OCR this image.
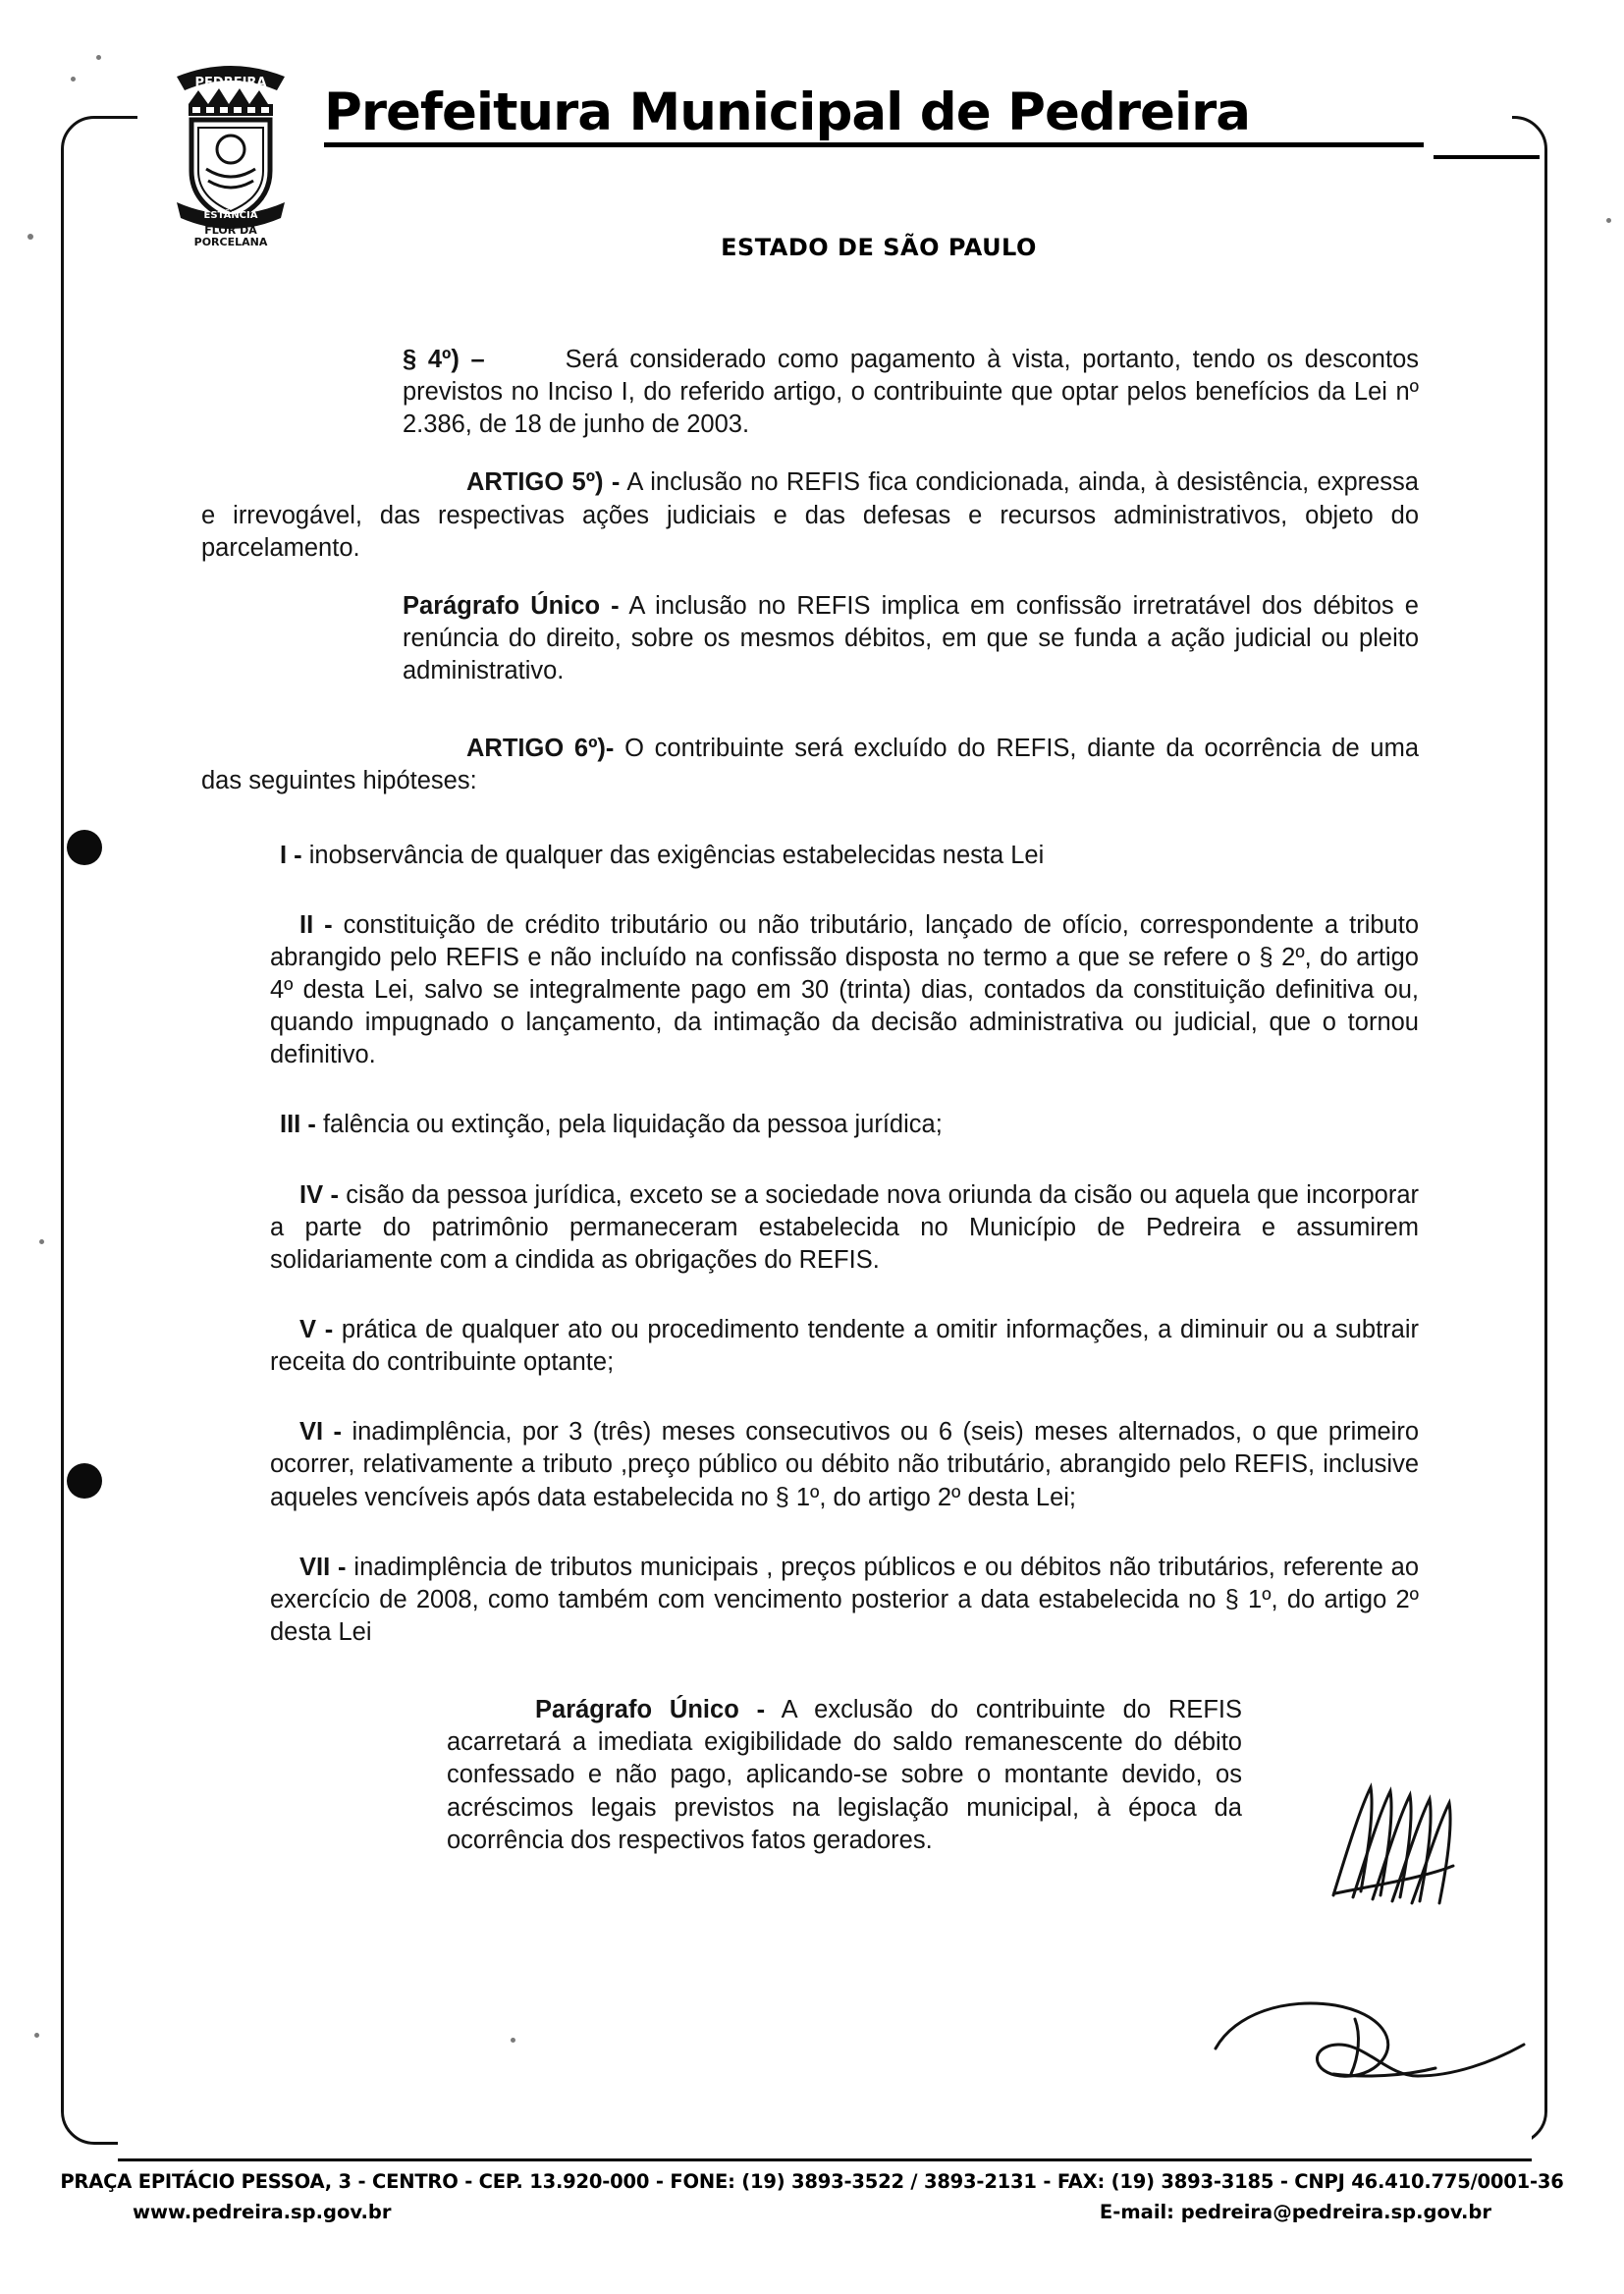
PEDREIRA
ESTÂNCIA
FLOR DA
PORCELANA
Prefeitura Municipal de Pedreira
ESTADO DE SÃO PAULO

§ 4º) –	Será considerado como pagamento à vista, portanto, tendo os descontos previstos no Inciso I, do referido artigo, o contribuinte que optar pelos benefícios da Lei nº 2.386, de 18 de junho de 2003.

ARTIGO 5º) - A inclusão no REFIS fica condicionada, ainda, à desistência, expressa e irrevogável, das respectivas ações judiciais e das defesas e recursos administrativos, objeto do parcelamento.

Parágrafo Único - A inclusão no REFIS implica em confissão irretratável dos débitos e renúncia do direito, sobre os mesmos débitos, em que se funda a ação judicial ou pleito administrativo.

ARTIGO 6º)- O contribuinte será excluído do REFIS, diante da ocorrência de uma das seguintes hipóteses:

I - inobservância de qualquer das exigências estabelecidas nesta Lei

II - constituição de crédito tributário ou não tributário, lançado de ofício, correspondente a tributo abrangido pelo REFIS e não incluído na confissão disposta no termo a que se refere o § 2º, do artigo 4º desta Lei, salvo se integralmente pago em 30 (trinta) dias, contados da constituição definitiva ou, quando impugnado o lançamento, da intimação da decisão administrativa ou judicial, que o tornou definitivo.

III - falência ou extinção, pela liquidação da pessoa jurídica;

IV - cisão da pessoa jurídica, exceto se a sociedade nova oriunda da cisão ou aquela que incorporar a parte do patrimônio permaneceram estabelecida no Município de Pedreira e assumirem solidariamente com a cindida as obrigações do REFIS.

V - prática de qualquer ato ou procedimento tendente a omitir informações, a diminuir ou a subtrair receita do contribuinte optante;

VI - inadimplência, por 3 (três) meses consecutivos ou 6 (seis) meses alternados, o que primeiro ocorrer, relativamente a tributo ,preço público ou débito não tributário, abrangido pelo REFIS, inclusive aqueles vencíveis após data estabelecida no § 1º, do artigo 2º desta Lei;

VII - inadimplência de tributos municipais , preços públicos e ou débitos não tributários, referente ao exercício de 2008, como também com vencimento posterior a data estabelecida no § 1º, do artigo 2º desta Lei

Parágrafo Único - A exclusão do contribuinte do REFIS acarretará a imediata exigibilidade do saldo remanescente do débito confessado e não pago, aplicando-se sobre o montante devido, os acréscimos legais previstos na legislação municipal, à época da ocorrência dos respectivos fatos geradores.

PRAÇA EPITÁCIO PESSOA, 3 - CENTRO - CEP. 13.920-000 - FONE: (19) 3893-3522 / 3893-2131 - FAX: (19) 3893-3185 - CNPJ 46.410.775/0001-36
www.pedreira.sp.gov.br	E-mail: pedreira@pedreira.sp.gov.br
